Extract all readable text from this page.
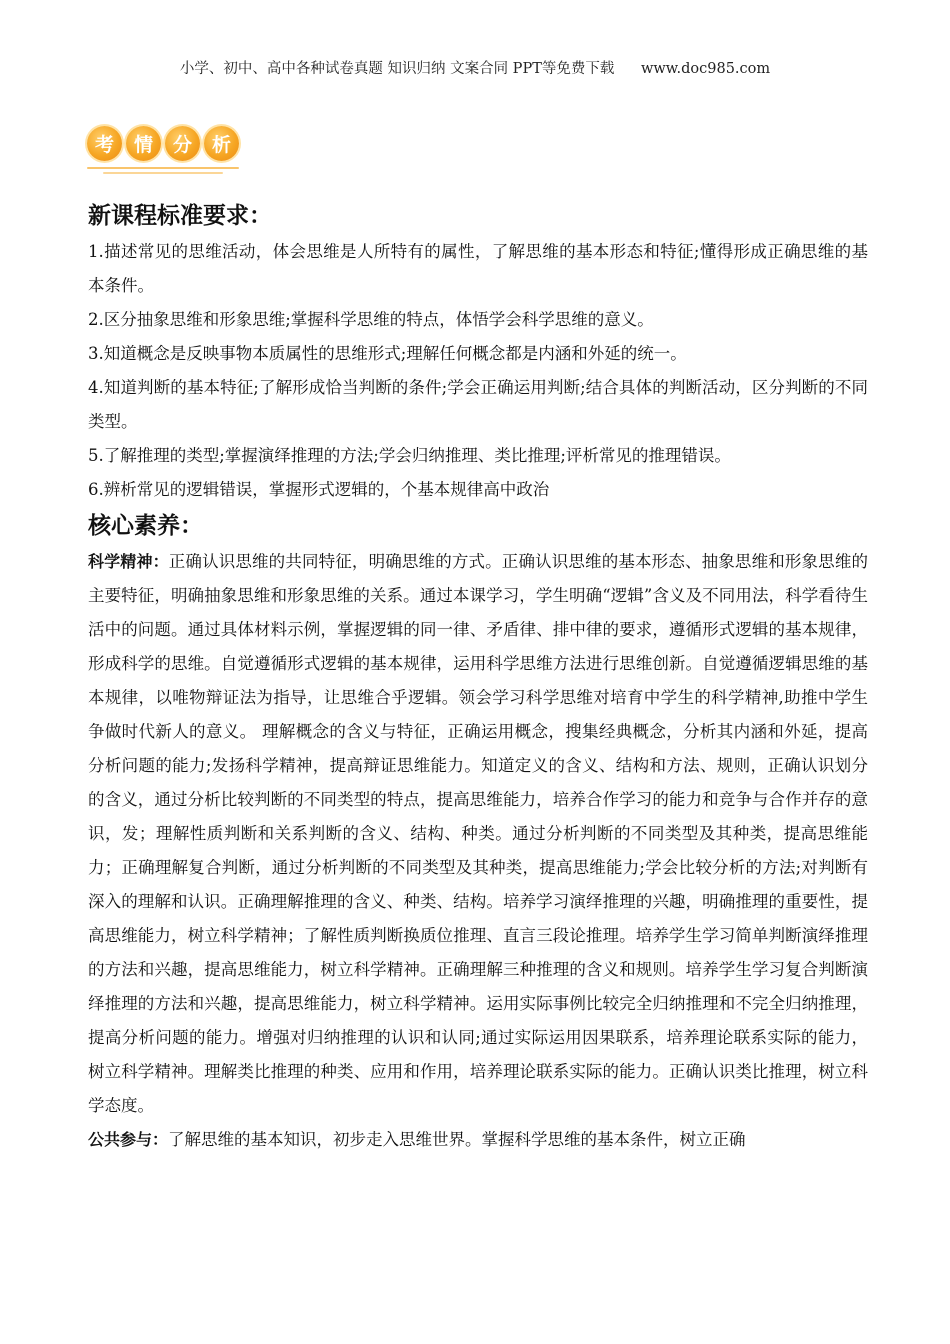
小学、初中、高中各种试卷真题 知识归纳 文案合同 PPT等免费下载 www.doc985.com
考	情	分	析
新课程标准要求：

1.描述常见的思维活动，体会思维是人所特有的属性，了解思维的基本形态和特征;懂得形成正确思维的基本条件。

2.区分抽象思维和形象思维;掌握科学思维的特点，体悟学会科学思维的意义。

3.知道概念是反映事物本质属性的思维形式;理解任何概念都是内涵和外延的统一。

4.知道判断的基本特征;了解形成恰当判断的条件;学会正确运用判断;结合具体的判断活动，区分判断的不同类型。

5.了解推理的类型;掌握演绎推理的方法;学会归纳推理、类比推理;评析常见的推理错误。

6.辨析常见的逻辑错误，掌握形式逻辑的，个基本规律高中政治

核心素养：

科学精神：正确认识思维的共同特征，明确思维的方式。正确认识思维的基本形态、抽象思维和形象思维的主要特征，明确抽象思维和形象思维的关系。通过本课学习，学生明确“逻辑”含义及不同用法，科学看待生活中的问题。通过具体材料示例，掌握逻辑的同一律、矛盾律、排中律的要求，遵循形式逻辑的基本规律，形成科学的思维。自觉遵循形式逻辑的基本规律，运用科学思维方法进行思维创新。自觉遵循逻辑思维的基本规律，以唯物辩证法为指导，让思维合乎逻辑。领会学习科学思维对培育中学生的科学精神,助推中学生争做时代新人的意义。 理解概念的含义与特征，正确运用概念，搜集经典概念，分析其内涵和外延，提高分析问题的能力;发扬科学精神，提高辩证思维能力。知道定义的含义、结构和方法、规则，正确认识划分的含义，通过分析比较判断的不同类型的特点，提高思维能力，培养合作学习的能力和竞争与合作并存的意识，发；理解性质判断和关系判断的含义、结构、种类。通过分析判断的不同类型及其种类，提高思维能力；正确理解复合判断，通过分析判断的不同类型及其种类，提高思维能力;学会比较分析的方法;对判断有深入的理解和认识。正确理解推理的含义、种类、结构。培养学习演绎推理的兴趣，明确推理的重要性，提高思维能力，树立科学精神；了解性质判断换质位推理、直言三段论推理。培养学生学习简单判断演绎推理的方法和兴趣，提高思维能力，树立科学精神。正确理解三种推理的含义和规则。培养学生学习复合判断演绎推理的方法和兴趣，提高思维能力，树立科学精神。运用实际事例比较完全归纳推理和不完全归纳推理，提高分析问题的能力。增强对归纳推理的认识和认同;通过实际运用因果联系，培养理论联系实际的能力，树立科学精神。理解类比推理的种类、应用和作用，培养理论联系实际的能力。正确认识类比推理，树立科学态度。

公共参与：了解思维的基本知识，初步走入思维世界。掌握科学思维的基本条件，树立正确
